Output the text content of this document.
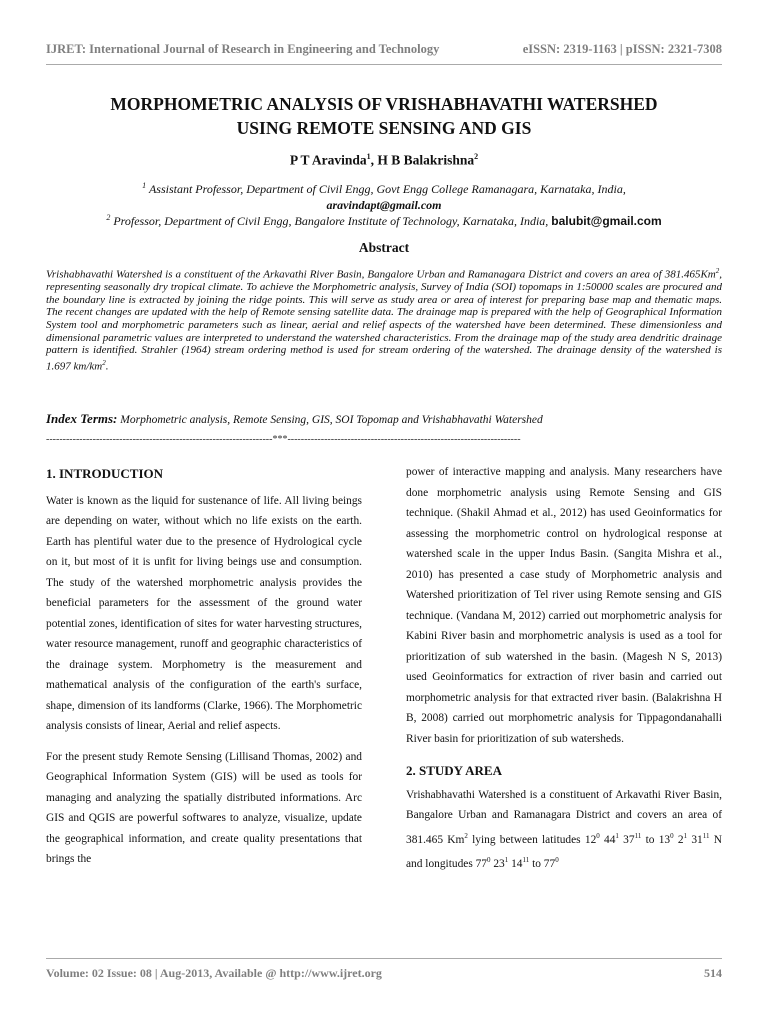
IJRET: International Journal of Research in Engineering and Technology	eISSN: 2319-1163 | pISSN: 2321-7308
MORPHOMETRIC ANALYSIS OF VRISHABHAVATHI WATERSHED
USING REMOTE SENSING AND GIS
P T Aravinda$^1$, H B Balakrishna$^2$
$^1$ Assistant Professor, Department of Civil Engg, Govt Engg College Ramanagara, Karnataka, India,
aravindapt@gmail.com
$^2$ Professor, Department of Civil Engg, Bangalore Institute of Technology, Karnataka, India, balubit@gmail.com
Abstract
Vrishabhavathi Watershed is a constituent of the Arkavathi River Basin, Bangalore Urban and Ramanagara District and covers an area of 381.465Km$^2$, representing seasonally dry tropical climate. To achieve the Morphometric analysis, Survey of India (SOI) topomaps in 1:50000 scales are procured and the boundary line is extracted by joining the ridge points. This will serve as study area or area of interest for preparing base map and thematic maps. The recent changes are updated with the help of Remote sensing satellite data. The drainage map is prepared with the help of Geographical Information System tool and morphometric parameters such as linear, aerial and relief aspects of the watershed have been determined. These dimensionless and dimensional parametric values are interpreted to understand the watershed characteristics. From the drainage map of the study area dendritic drainage pattern is identified. Strahler (1964) stream ordering method is used for stream ordering of the watershed. The drainage density of the watershed is 1.697 $km/km^2$.
Index Terms: Morphometric analysis, Remote Sensing, GIS, SOI Topomap and Vrishabhavathi Watershed
--------------------------------------------------------------------***----------------------------------------------------------------------
1. INTRODUCTION

Water is known as the liquid for sustenance of life. All living beings are depending on water, without which no life exists on the earth. Earth has plentiful water due to the presence of Hydrological cycle on it, but most of it is unfit for living beings use and consumption. The study of the watershed morphometric analysis provides the beneficial parameters for the assessment of the ground water potential zones, identification of sites for water harvesting structures, water resource management, runoff and geographic characteristics of the drainage system. Morphometry is the measurement and mathematical analysis of the configuration of the earth's surface, shape, dimension of its landforms (Clarke, 1966). The Morphometric analysis consists of linear, Aerial and relief aspects.

For the present study Remote Sensing (Lillisand Thomas, 2002) and Geographical Information System (GIS) will be used as tools for managing and analyzing the spatially distributed informations. Arc GIS and QGIS are powerful softwares to analyze, visualize, update the geographical information, and create quality presentations that brings the

power of interactive mapping and analysis. Many researchers have done morphometric analysis using Remote Sensing and GIS technique. (Shakil Ahmad et al., 2012) has used Geoinformatics for assessing the morphometric control on hydrological response at watershed scale in the upper Indus Basin. (Sangita Mishra et al., 2010) has presented a case study of Morphometric analysis and Watershed prioritization of Tel river using Remote sensing and GIS technique. (Vandana M, 2012) carried out morphometric analysis for Kabini River basin and morphometric analysis is used as a tool for prioritization of sub watershed in the basin. (Magesh N S, 2013) used Geoinformatics for extraction of river basin and carried out morphometric analysis for that extracted river basin. (Balakrishna H B, 2008) carried out morphometric analysis for Tippagondanahalli River basin for prioritization of sub watersheds.

2. STUDY AREA

Vrishabhavathi Watershed is a constituent of Arkavathi River Basin, Bangalore Urban and Ramanagara District and covers an area of 381.465 Km$^2$ lying between latitudes $12^0$ $44^1$ $37^{11}$ to $13^0$ $2^1$ $31^{11}$ N and longitudes $77^0$ $23^1$ $14^{11}$ to $77^0$

Volume: 02 Issue: 08 | Aug-2013, Available @ http://www.ijret.org	514
